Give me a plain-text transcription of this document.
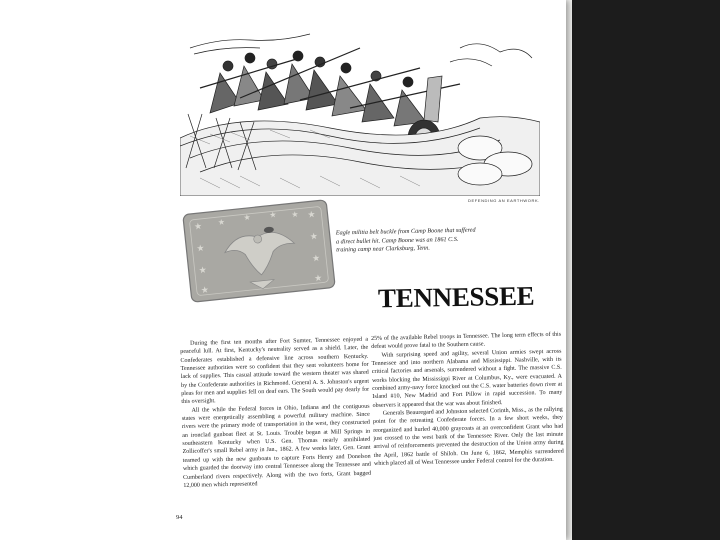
DEFENDING AN EARTHWORK.
★
★
★
★
★
★
★
★
★ ★ ★ ★
Eagle militia belt buckle from Camp Boone that suffered a direct bullet hit. Camp Boone was an 1861 C.S. training camp near Clarksburg, Tenn.
TENNESSEE

During the first ten months after Fort Sumter, Tennessee enjoyed a peaceful lull. At first, Kentucky's neutrality served as a shield. Later, the Confederates established a defensive line across southern Kentucky. Tennessee authorities were so confident that they sent volunteers home for lack of supplies. This casual attitude toward the western theater was shared by the Confederate authorities in Richmond. General A. S. Johnston's urgent pleas for men and supplies fell on deaf ears. The South would pay dearly for this oversight.

All the while the Federal forces in Ohio, Indiana and the contiguous states were energetically assembling a powerful military machine. Since rivers were the primary mode of transportation in the west, they constructed an ironclad gunboat fleet at St. Louis. Trouble began at Mill Springs in southeastern Kentucky when U.S. Gen. Thomas nearly annihilated Zollicoffer's small Rebel army in Jan., 1862. A few weeks later, Gen. Grant teamed up with the new gunboats to capture Forts Henry and Donelson which guarded the doorway into central Tennessee along the Tennessee and Cumberland rivers respectively. Along with the two forts, Grant bagged 12,000 men which represented

25% of the available Rebel troops in Tennessee. The long term effects of this defeat would prove fatal to the Southern cause.

With surprising speed and agility, several Union armies swept across Tennessee and into northern Alabama and Mississippi. Nashville, with its critical factories and arsenals, surrendered without a fight. The massive C.S. works blocking the Mississippi River at Columbus, Ky., were evacuated. A combined army-navy force knocked out the C.S. water batteries down river at Island #10, New Madrid and Fort Pillow in rapid succession. To many observers it appeared that the war was about finished.

Generals Beauregard and Johnston selected Corinth, Miss., as the rallying point for the retreating Confederate forces. In a few short weeks, they reorganized and hurled 40,000 graycoats at an overconfident Grant who had just crossed to the west bank of the Tennessee River. Only the last minute arrival of reinforcements prevented the destruction of the Union army during the April, 1862 battle of Shiloh. On June 6, 1862, Memphis surrendered which placed all of West Tennessee under Federal control for the duration.

94
